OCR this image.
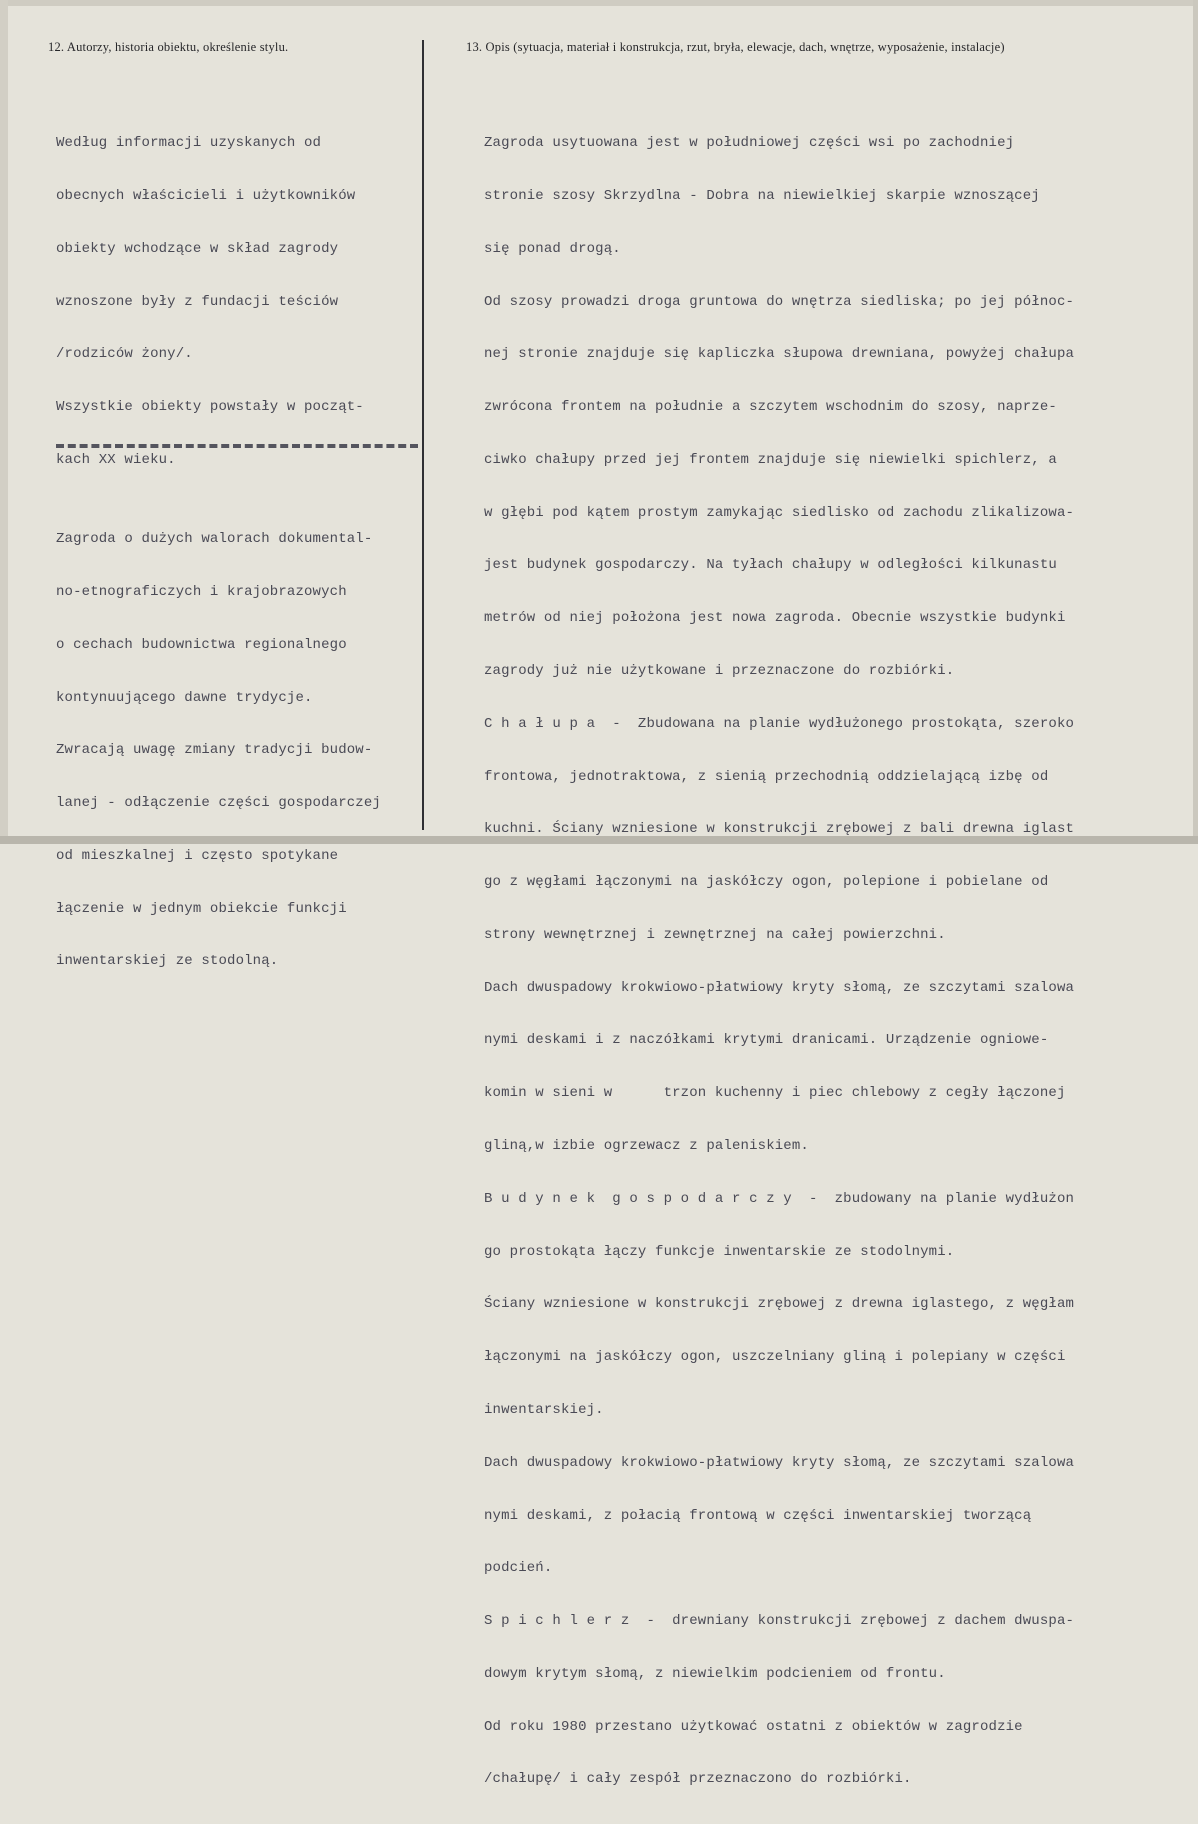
12. Autorzy, historia obiektu, określenie stylu.	13. Opis (sytuacja, materiał i konstrukcja, rzut, bryła, elewacje, dach, wnętrze, wyposażenie, instalacje)

Według informacji uzyskanych od

obecnych właścicieli i użytkowników

obiekty wchodzące w skład zagrody

wznoszone były z fundacji teściów

/rodziców żony/.

Wszystkie obiekty powstały w począt-

kach XX wieku.

Zagroda o dużych walorach dokumental-

no-etnograficzych i krajobrazowych

o cechach budownictwa regionalnego

kontynuującego dawne trydycje.

Zwracają uwagę zmiany tradycji budow-

lanej - odłączenie części gospodarczej

od mieszkalnej i często spotykane

łączenie w jednym obiekcie funkcji

inwentarskiej ze stodolną.

Zagroda usytuowana jest w południowej części wsi po zachodniej

stronie szosy Skrzydlna - Dobra na niewielkiej skarpie wznoszącej

się ponad drogą.

Od szosy prowadzi droga gruntowa do wnętrza siedliska; po jej północ-

nej stronie znajduje się kapliczka słupowa drewniana, powyżej chałupa

zwrócona frontem na południe a szczytem wschodnim do szosy, naprze-

ciwko chałupy przed jej frontem znajduje się niewielki spichlerz, a

w głębi pod kątem prostym zamykając siedlisko od zachodu zlikalizowa-

jest budynek gospodarczy. Na tyłach chałupy w odległości kilkunastu

metrów od niej położona jest nowa zagroda. Obecnie wszystkie budynki

zagrody już nie użytkowane i przeznaczone do rozbiórki.

C h a ł u p a  -  Zbudowana na planie wydłużonego prostokąta, szeroko

frontowa, jednotraktowa, z sienią przechodnią oddzielającą izbę od

kuchni. Ściany wzniesione w konstrukcji zrębowej z bali drewna iglast

go z węgłami łączonymi na jaskółczy ogon, polepione i pobielane od

strony wewnętrznej i zewnętrznej na całej powierzchni.

Dach dwuspadowy krokwiowo-płatwiowy kryty słomą, ze szczytami szalowa

nymi deskami i z naczółkami krytymi dranicami. Urządzenie ogniowe-

komin w sieni w      trzon kuchenny i piec chlebowy z cegły łączonej

gliną,w izbie ogrzewacz z paleniskiem.

B u d y n e k  g o s p o d a r c z y  -  zbudowany na planie wydłużon

go prostokąta łączy funkcje inwentarskie ze stodolnymi.

Ściany wzniesione w konstrukcji zrębowej z drewna iglastego, z węgłam

łączonymi na jaskółczy ogon, uszczelniany gliną i polepiany w części

inwentarskiej.

Dach dwuspadowy krokwiowo-płatwiowy kryty słomą, ze szczytami szalowa

nymi deskami, z połacią frontową w części inwentarskiej tworzącą

podcień.

S p i c h l e r z  -  drewniany konstrukcji zrębowej z dachem dwuspa-

dowym krytym słomą, z niewielkim podcieniem od frontu.

Od roku 1980 przestano użytkować ostatni z obiektów w zagrodzie

/chałupę/ i cały zespół przeznaczono do rozbiórki.
